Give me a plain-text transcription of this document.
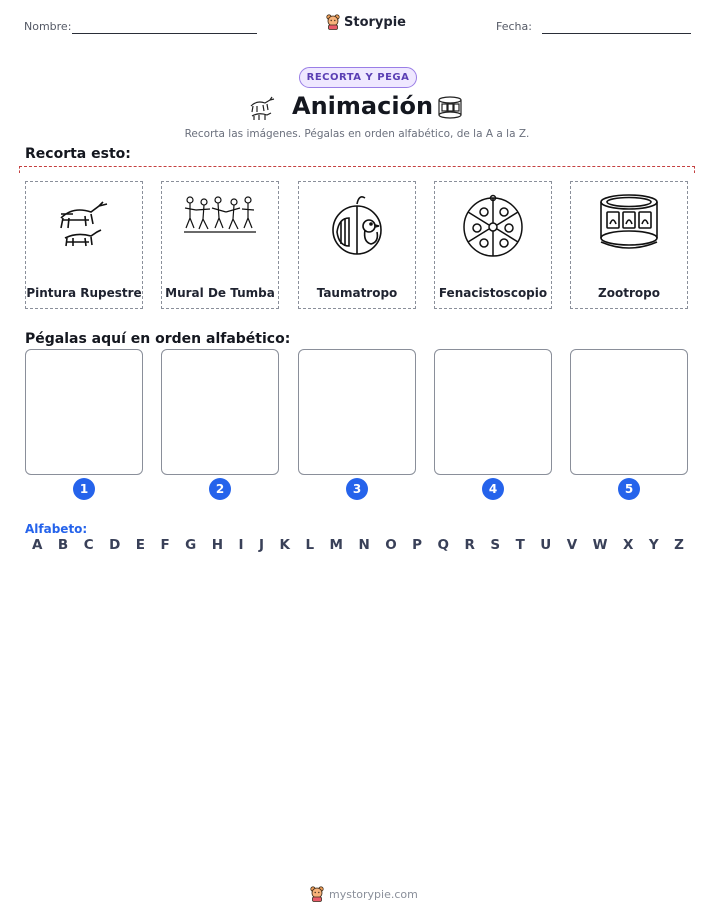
Nombre:	Storypie	Fecha:
RECORTA Y PEGA
Animación
Recorta las imágenes. Pégalas en orden alfabético, de la A a la Z.
Recorta esto:
Pintura Rupestre Mural De Tumba	Taumatropo	Fenacistoscopio	Zootropo
Pégalas aquí en orden alfabético:
1	2	3	4	5
Alfabeto:
A B C D E F G H I J K L M N O P Q R S T U V W X Y Z
mystorypie.com
